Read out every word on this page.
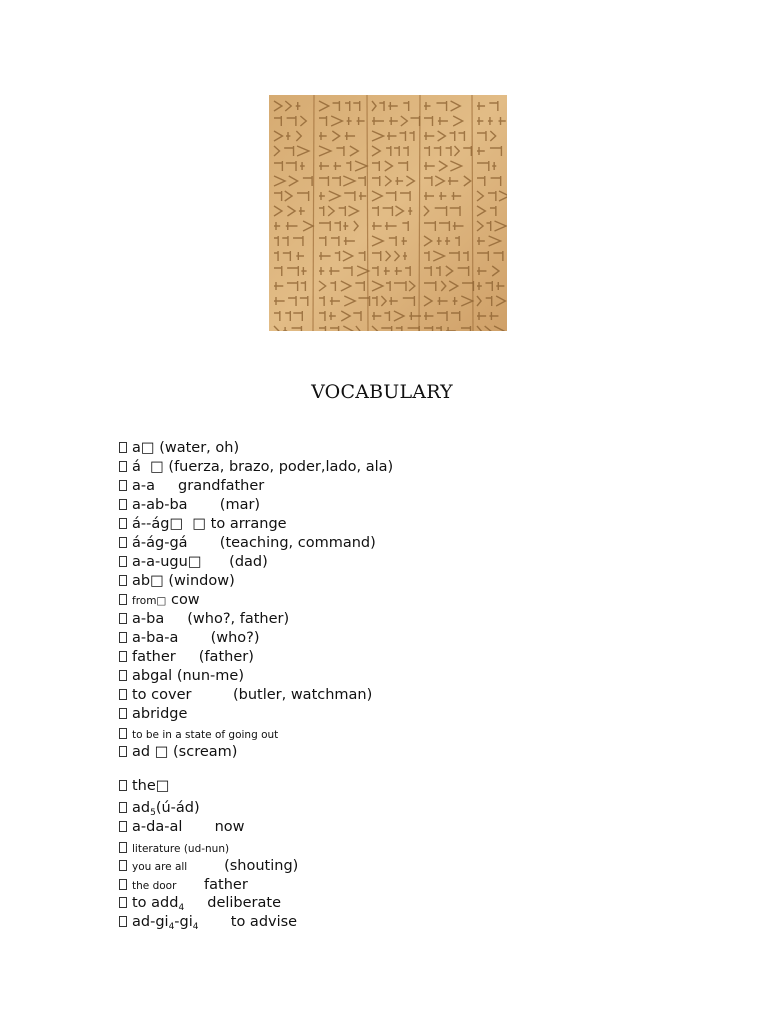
VOCABULARY
a□ (water, oh)
á  □ (fuerza, brazo, poder,lado, ala)
a-a     grandfather
a-ab-ba       (mar)
á--ág□  □ to arrange
á-ág-gá       (teaching, command)
a-a-ugu□      (dad)
ab□ (window)
from□ cow
a-ba     (who?, father)
a-ba-a       (who?)
father     (father)
abgal (nun-me)
to cover         (butler, watchman)
abridge
to be in a state of going out
ad □ (scream)
the□
$ad_5(ú-ád)$
a-da-al       now
literature (ud-nun)
you are all        (shouting)
the door      father
to add$_4$     deliberate
$ad-gi_4-gi_4$       to advise
